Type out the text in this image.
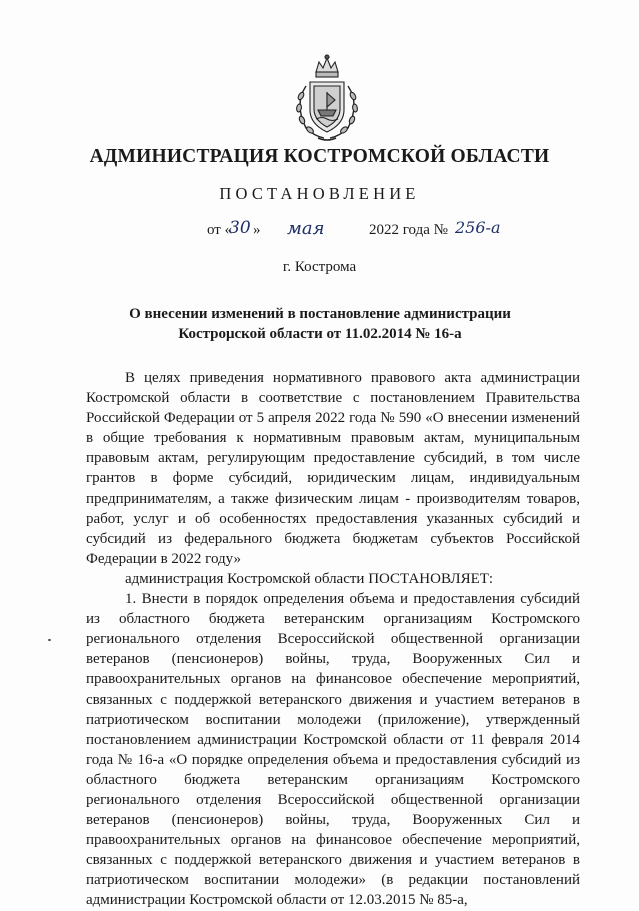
АДМИНИСТРАЦИЯ КОСТРОМСКОЙ ОБЛАСТИ
ПОСТАНОВЛЕНИЕ
от «
30 » мая	2022 года № 256-а
г. Кострома
О внесении изменений в постановление администрации
Кострομской области от 11.02.2014 № 16-а

В целях приведения нормативного правового акта администрации Костромской области в соответствие с постановлением Правительства Российской Федерации от 5 апреля 2022 года № 590 «О внесении изменений в общие требования к нормативным правовым актам, муниципальным правовым актам, регулирующим предоставление субсидий, в том числе грантов в форме субсидий, юридическим лицам, индивидуальным предпринимателям, а также физическим лицам - производителям товаров, работ, услуг и об особенностях предоставления указанных субсидий и субсидий из федерального бюджета бюджетам субъектов Российской Федерации в 2022 году»

администрация Костромской области ПОСТАНОВЛЯЕТ:

1. Внести в порядок определения объема и предоставления субсидий из областного бюджета ветеранским организациям Костромского регионального отделения Всероссийской общественной организации ветеранов (пенсионеров) войны, труда, Вооруженных Сил и правоохранительных органов на финансовое обеспечение мероприятий, связанных с поддержкой ветеранского движения и участием ветеранов в патриотическом воспитании молодежи (приложение), утвержденный постановлением администрации Костромской области от 11 февраля 2014 года № 16-а «О порядке определения объема и предоставления субсидий из областного бюджета ветеранским организациям Костромского регионального отделения Всероссийской общественной организации ветеранов (пенсионеров) войны, труда, Вооруженных Сил и правоохранительных органов на финансовое обеспечение мероприятий, связанных с поддержкой ветеранского движения и участием ветеранов в патриотическом воспитании молодежи» (в редакции постановлений администрации Костромской области от 12.03.2015 № 85-а,
